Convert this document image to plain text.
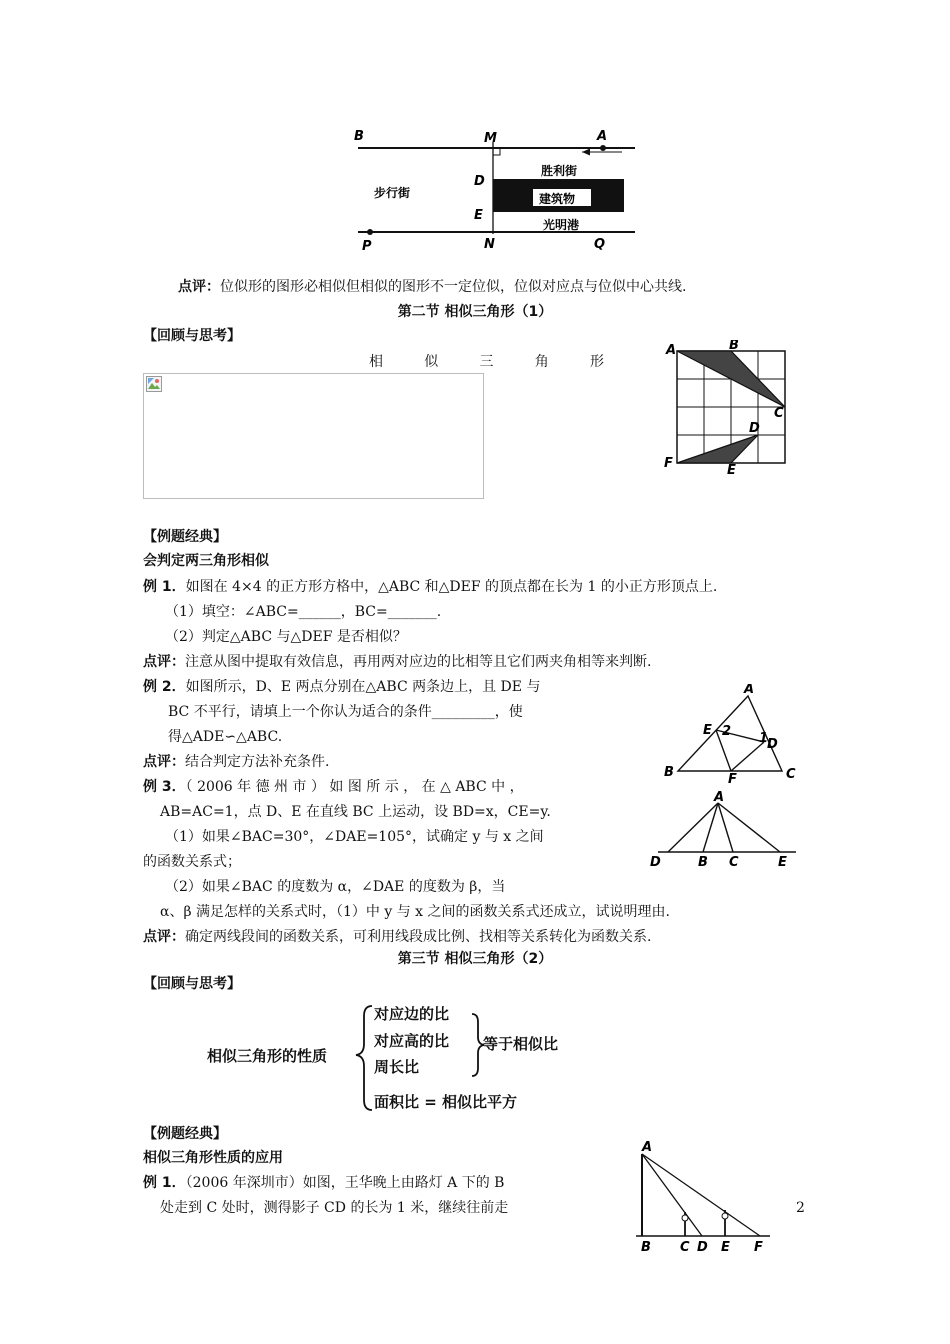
B	M	A
D
E
P	N	Q
胜利街
步行街	建筑物
光明港
点评：位似形的图形必相似但相似的图形不一定位似，位似对应点与位似中心共线.
第二节 相似三角形（1）
【回顾与思考】
相	似	三	角	形
A	B
C
D
E
F
【例题经典】
会判定两三角形相似
例 1．如图在 4×4 的正方形方格中，△ABC 和△DEF 的顶点都在长为 1 的小正方形顶点上.
（1）填空：∠ABC=______，BC=_______.
（2）判定△ABC 与△DEF 是否相似？
点评：注意从图中提取有效信息，再用两对应边的比相等且它们两夹角相等来判断.
例 2．如图所示，D、E 两点分别在△ABC 两条边上，且 DE 与
BC 不平行，请填上一个你认为适合的条件_________，使
得△ADE∽△ABC.
点评：结合判定方法补充条件.
例 3．（ 2006 年 德 州 市 ） 如 图 所 示 ， 在 △ ABC 中 ，
AB=AC=1，点 D、E 在直线 BC 上运动，设 BD=x，CE=y.
（1）如果∠BAC=30°，∠DAE=105°，试确定 y 与 x 之间
的函数关系式；
（2）如果∠BAC 的度数为 α，∠DAE 的度数为 β，当
α、β 满足怎样的关系式时，（1）中 y 与 x 之间的函数关系式还成立，试说明理由.
点评：确定两线段间的函数关系，可利用线段成比例、找相等关系转化为函数关系.
A
E 2 1
D
B	F	C
A
D	B C	E
第三节 相似三角形（2）
【回顾与思考】
相似三角形的性质
对应边的比
对应高的比
周长比
等于相似比
面积比 = 相似比平方
【例题经典】
相似三角形性质的应用
例 1．（2006 年深圳市）如图，王华晚上由路灯 A 下的 B
处走到 C 处时，测得影子 CD 的长为 1 米，继续往前走	2
A
B C D E F
